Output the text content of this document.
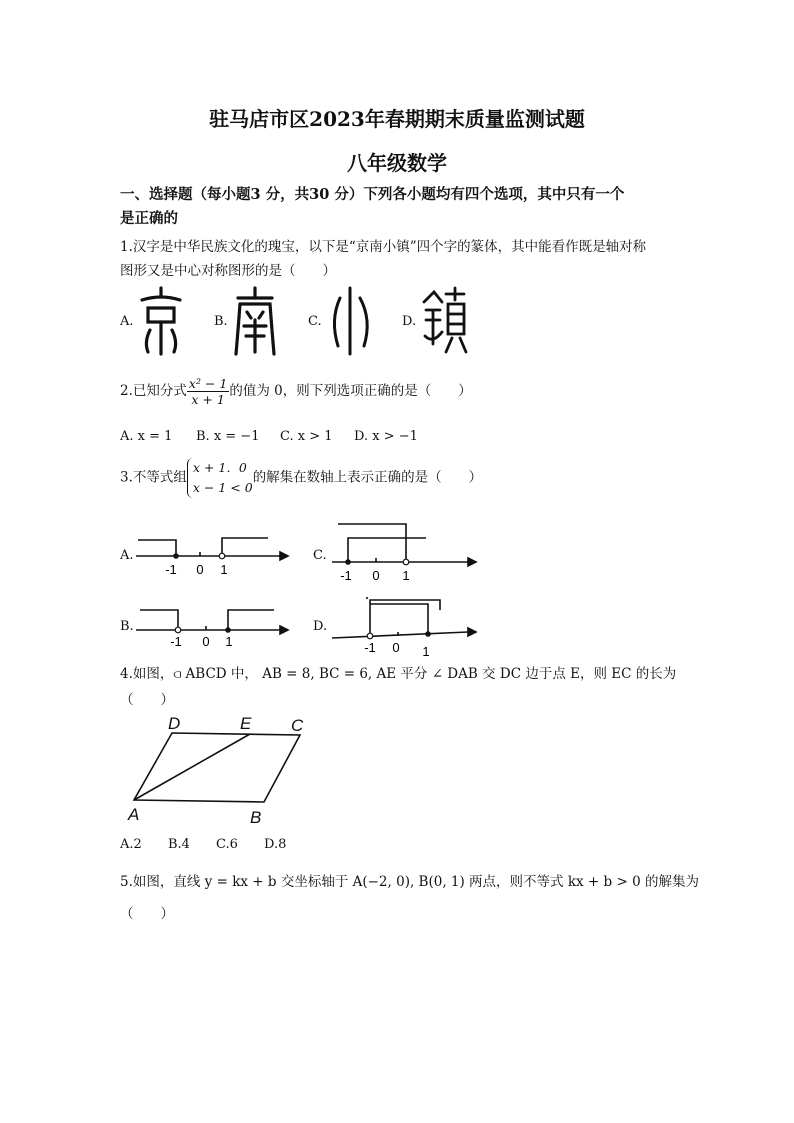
驻马店市区2023年春期期末质量监测试题
八年级数学
一、选择题（每小题3 分，共30 分）下列各小题均有四个选项，其中只有一个
是正确的
1.汉字是中华民族文化的瑰宝，以下是“京南小镇”四个字的篆体，其中能看作既是轴对称
图形又是中心对称图形的是（　　）
A.	B.	C.	D.
2.已知分式 $\frac{\text{x² − 1}}{x + 1}$ 的值为 0，则下列选项正确的是（　　）
A. x = 1 B. x = −1 C. x > 1 D. x > −1
3.不等式组
x + 1．0
x − 1 < 0
的解集在数轴上表示正确的是（　　）
A.	C.
B.	D.
-1 0 1	-1 0 1
-1 0 1	-1 0 1
4.如图，⫏ ABCD 中， AB = 8, BC = 6, AE 平分 ∠ DAB 交 DC 边于点 E，则 EC 的长为
（　　）
D	E C
A	B
A.2 B.4 C.6 D.8
5.如图，直线 y = kx + b 交坐标轴于 A(−2, 0), B(0, 1) 两点，则不等式 kx + b > 0 的解集为
（　　）
